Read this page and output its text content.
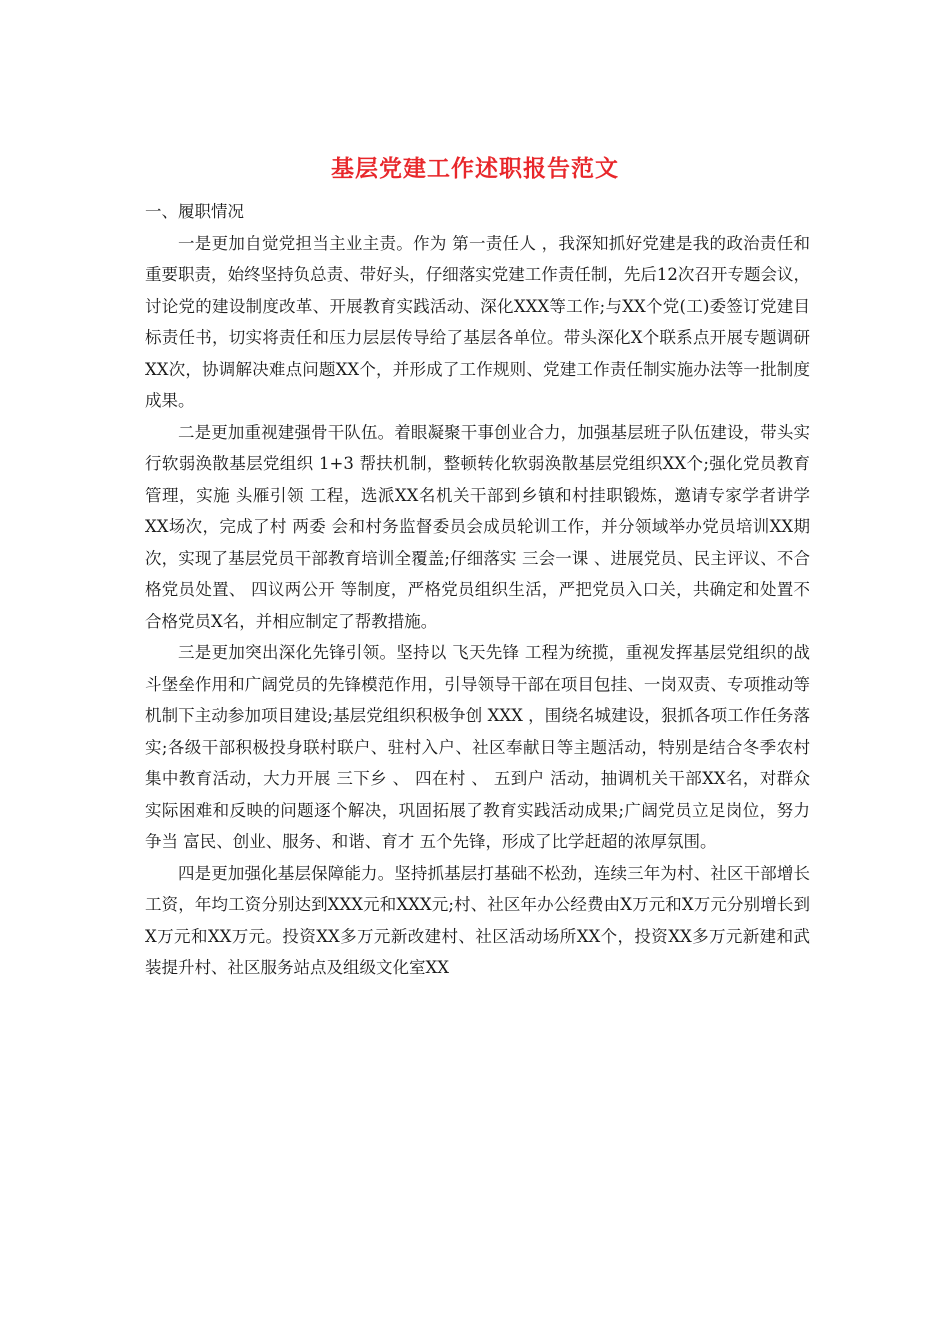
基层党建工作述职报告范文

一、履职情况

一是更加自觉党担当主业主责。作为 第一责任人 ，我深知抓好党建是我的政治责任和重要职责，始终坚持负总责、带好头，仔细落实党建工作责任制，先后12次召开专题会议，讨论党的建设制度改革、开展教育实践活动、深化XXX等工作;与XX个党(工)委签订党建目标责任书，切实将责任和压力层层传导给了基层各单位。带头深化X个联系点开展专题调研XX次，协调解决难点问题XX个，并形成了工作规则、党建工作责任制实施办法等一批制度成果。

二是更加重视建强骨干队伍。着眼凝聚干事创业合力，加强基层班子队伍建设，带头实行软弱涣散基层党组织 1+3 帮扶机制，整顿转化软弱涣散基层党组织XX个;强化党员教育管理，实施 头雁引领 工程，选派XX名机关干部到乡镇和村挂职锻炼，邀请专家学者讲学XX场次，完成了村 两委 会和村务监督委员会成员轮训工作，并分领域举办党员培训XX期次，实现了基层党员干部教育培训全覆盖;仔细落实 三会一课 、进展党员、民主评议、不合格党员处置、 四议两公开 等制度，严格党员组织生活，严把党员入口关，共确定和处置不合格党员X名，并相应制定了帮教措施。

三是更加突出深化先锋引领。坚持以 飞天先锋 工程为统揽，重视发挥基层党组织的战斗堡垒作用和广阔党员的先锋模范作用，引导领导干部在项目包挂、一岗双责、专项推动等机制下主动参加项目建设;基层党组织积极争创 XXX ，围绕名城建设，狠抓各项工作任务落实;各级干部积极投身联村联户、驻村入户、社区奉献日等主题活动，特别是结合冬季农村集中教育活动，大力开展 三下乡 、 四在村 、 五到户 活动，抽调机关干部XX名，对群众实际困难和反映的问题逐个解决，巩固拓展了教育实践活动成果;广阔党员立足岗位，努力争当 富民、创业、服务、和谐、育才 五个先锋，形成了比学赶超的浓厚氛围。

四是更加强化基层保障能力。坚持抓基层打基础不松劲，连续三年为村、社区干部增长工资，年均工资分别达到XXX元和XXX元;村、社区年办公经费由X万元和X万元分别增长到X万元和XX万元。投资XX多万元新改建村、社区活动场所XX个，投资XX多万元新建和武装提升村、社区服务站点及组级文化室XX
